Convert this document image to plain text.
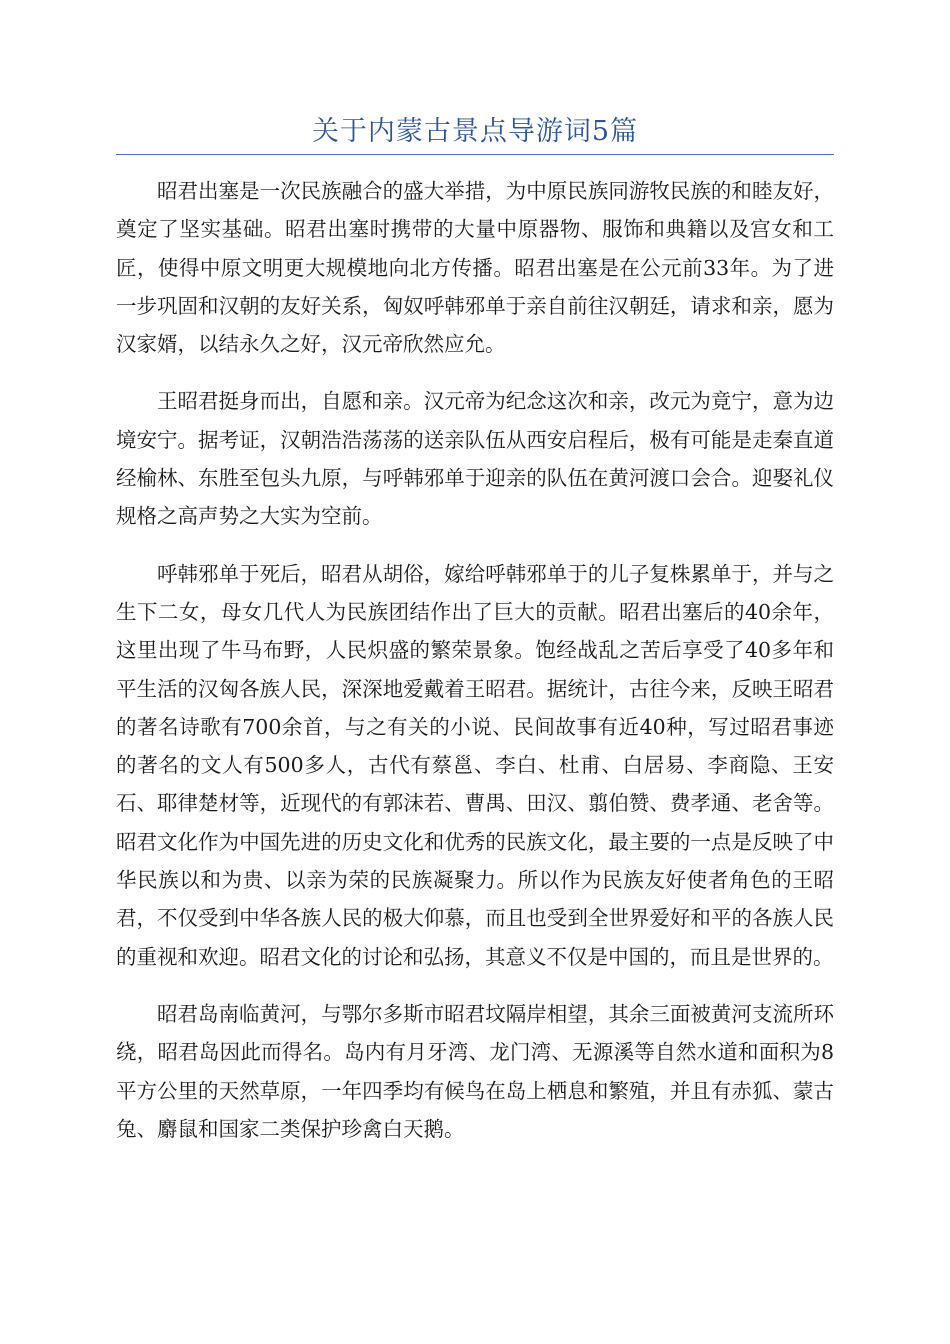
关于内蒙古景点导游词5篇

昭君出塞是一次民族融合的盛大举措，为中原民族同游牧民族的和睦友好，奠定了坚实基础。昭君出塞时携带的大量中原器物、服饰和典籍以及宫女和工匠，使得中原文明更大规模地向北方传播。昭君出塞是在公元前33年。为了进一步巩固和汉朝的友好关系，匈奴呼韩邪单于亲自前往汉朝廷，请求和亲，愿为汉家婿，以结永久之好，汉元帝欣然应允。

王昭君挺身而出，自愿和亲。汉元帝为纪念这次和亲，改元为竟宁，意为边境安宁。据考证，汉朝浩浩荡荡的送亲队伍从西安启程后，极有可能是走秦直道经榆林、东胜至包头九原，与呼韩邪单于迎亲的队伍在黄河渡口会合。迎娶礼仪规格之高声势之大实为空前。

呼韩邪单于死后，昭君从胡俗，嫁给呼韩邪单于的儿子复株累单于，并与之生下二女，母女几代人为民族团结作出了巨大的贡献。昭君出塞后的40余年，这里出现了牛马布野，人民炽盛的繁荣景象。饱经战乱之苦后享受了40多年和平生活的汉匈各族人民，深深地爱戴着王昭君。据统计，古往今来，反映王昭君的著名诗歌有700余首，与之有关的小说、民间故事有近40种，写过昭君事迹的著名的文人有500多人，古代有蔡邕、李白、杜甫、白居易、李商隐、王安石、耶律楚材等，近现代的有郭沫若、曹禺、田汉、翦伯赞、费孝通、老舍等。昭君文化作为中国先进的历史文化和优秀的民族文化，最主要的一点是反映了中华民族以和为贵、以亲为荣的民族凝聚力。所以作为民族友好使者角色的王昭君，不仅受到中华各族人民的极大仰慕，而且也受到全世界爱好和平的各族人民的重视和欢迎。昭君文化的讨论和弘扬，其意义不仅是中国的，而且是世界的。

昭君岛南临黄河，与鄂尔多斯市昭君坟隔岸相望，其余三面被黄河支流所环绕，昭君岛因此而得名。岛内有月牙湾、龙门湾、无源溪等自然水道和面积为8平方公里的天然草原，一年四季均有候鸟在岛上栖息和繁殖，并且有赤狐、蒙古兔、麝鼠和国家二类保护珍禽白天鹅。
